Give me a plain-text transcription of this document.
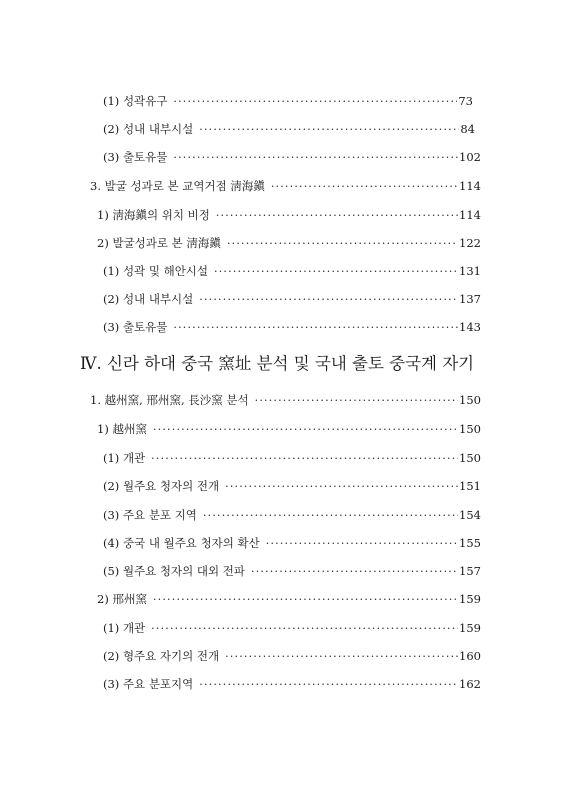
(1) 성곽유구 ·····	73
(2) 성내 내부시설 ·····	84
(3) 출토유물 ·····	102
3. 발굴 성과로 본 교역거점 淸海鎭 ·····	114
1) 淸海鎭의 위치 비정 ·····	114
2) 발굴성과로 본 淸海鎭 ·····	122
(1) 성곽 및 해안시설 ·····	131
(2) 성내 내부시설 ·····	137
(3) 출토유물 ·····	143
Ⅳ. 신라 하대 중국 窯址 분석 및 국내 출토 중국계 자기
1. 越州窯, 邢州窯, 長沙窯 분석 ·····	150
1) 越州窯 ·····	150
(1) 개관 ·····	150
(2) 월주요 청자의 전개 ·····	151
(3) 주요 분포 지역 ·····	154
(4) 중국 내 월주요 청자의 확산 ·····	155
(5) 월주요 청자의 대외 전파 ·····	157
2) 邢州窯 ·····	159
(1) 개관 ·····	159
(2) 형주요 자기의 전개 ·····	160
(3) 주요 분포지역 ·····	162
